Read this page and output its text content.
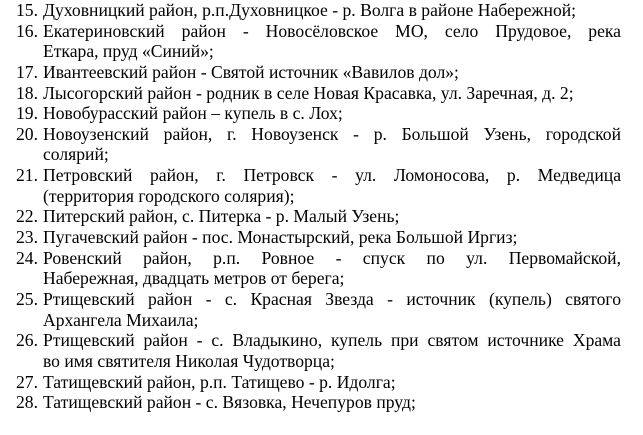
15. Духовницкий район, р.п.Духовницкое - р. Волга в районе Набережной;
16. Екатериновский район - Новосёловское МО, село Прудовое, река
Еткара, пруд «Синий»;
17. Ивантеевский район - Святой источник «Вавилов дол»;
18. Лысогорский район - родник в селе Новая Красавка, ул. Заречная, д. 2;
19. Новобурасский район – купель в с. Лох;
20. Новоузенский район, г. Новоузенск - р. Большой Узень, городской
солярий;
21. Петровский район, г. Петровск - ул. Ломоносова, р. Медведица
(территория городского солярия);
22. Питерский район, с. Питерка - р. Малый Узень;
23. Пугачевский район - пос. Монастырский, река Большой Иргиз;
24. Ровенский район, р.п. Ровное - спуск по ул. Первомайской,
Набережная, двадцать метров от берега;
25. Ртищевский район - с. Красная Звезда - источник (купель) святого
Архангела Михаила;
26. Ртищевский район - с. Владыкино, купель при святом источнике Храма
во имя святителя Николая Чудотворца;
27. Татищевский район, р.п. Татищево - р. Идолга;
28. Татищевский район - с. Вязовка, Нечепуров пруд;
